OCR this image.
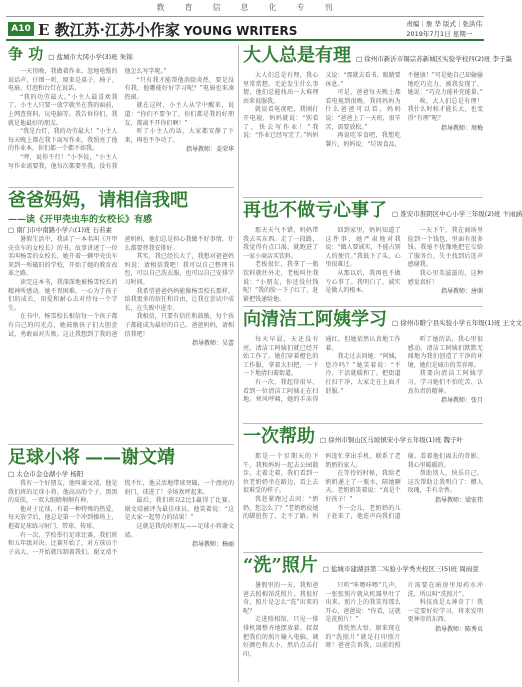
教 育 信 息 化 专 刊
A10 E 教江苏·江苏小作家 YOUNG WRITERS	责编｜詹 华 版式｜张洪伟
2019年7月1日 星期一
争 功 □ 盐城市大冈小学(3)班 朱锦

一天傍晚，我做着作业。忽地电缆的说话声，仔细一听，原来是桌子、椅子、电扇、灯泡和台灯在说话。

“我的功劳最大。”小主人最喜欢我了，小主人只要一放学就坐在我的面前，上网查资料，玩电脑等。我告诉你们，我就是他最好的朋友。

“我是台灯，我的功劳最大！”小主人每天晚上都在我下面写作业，我照亮了他的作业本，你们都一个都不如我。

“哼，说你不行！”小李说，“小主人写作业需要我，他每次都要坐我，没有我他怎么写字呢。”

“只有我才能帮他消除炎热，要是没有我，他哪能好好学习呢？”电扇也来凑热闹。

就在这时，小主人从学中醒来，说道：“你们不要争了，你们都是我的好朋友，都离不开你们啊！”

听了小主人的话，大家都安静了下来，再也不争功了。

指导教师：姜荣华
爸爸妈妈，请相信我吧
——读《开甲壳虫车的女校长》有感
□ 南门市中南路小学六(1)班 石若素

暑假生活中，我读了一本名叫《开甲壳虫车的女校长》的书。故事讲述了一位名叫杨雪的女校长，她开着一辆甲壳虫车来到一所破旧的学校，开始了她的教育改革之路。

读完这本书，我深深地被杨雪校长的精神所感动。她不畏困难，一心为了孩子们的成长，用爱和耐心去对待每一个学生。

在书中，杨雪校长相信每一个孩子都有自己的闪光点，她鼓励孩子们大胆尝试，勇敢面对失败。这让我想到了我的爸爸妈妈，他们总是担心我做不好事情，什么都要替我安排好。

其实，我已经长大了，我想对爸爸妈妈说：请相信我吧！我可以自己整理书包，可以自己洗衣服，也可以自己安排学习时间。

我希望爸爸妈妈能像杨雪校长那样，给我更多的信任和自由，让我在尝试中成长，在失败中进步。

我相信，只要有信任和鼓励，每个孩子都能成为最好的自己。爸爸妈妈，请相信我吧！

指导教师：吴蕾
足球小将 ——谢文靖
□ 太仓市金仓湖小学 杨阳

我有一个好朋友，他叫谢文靖，他是我们班的足球小将。他高高的个子，黑黑的皮肤，一双大眼睛炯炯有神。

他对于足球，有着一种特殊的热爱。每天放学后，他总是第一个冲到操场上，抱着足球练习射门、带球、传球。

有一次，学校举行足球比赛，我们班和五年级对决。比赛开始了，对方球员个子高大，一开始就压制着我们。谢文靖不慌不忙，他灵活地带球突破，一个漂亮的射门，球进了！全场欢呼起来。

最后，我们班以2比1赢得了比赛。谢文靖被评为最佳球员。他笑着说：“这是大家一起努力的结果！”

这就是我的好朋友——足球小将谢文靖。

指导教师：杨丽
大人总是有理 □ 徐州市新沂市锡宗苏新城区实验学校四(2)班 李子墨

大人们总是有理，我心里常常想。无论发生什么事情，他们总能找出一大堆理由来说服我。

就说看电视吧，我刚打开电视，妈妈就说：“别看了，快去写作业！”我说：“作业已经写完了。”妈妈又说：“那就去看书，眼睛要休息。”

可是，爸爸每天晚上都看电视到很晚，我问妈妈为什么爸爸可以看，妈妈说：“爸爸上了一天班，很辛苦，需要放松。”

再说吃零食吧，我想吃薯片，妈妈说：“垃圾食品，不健康！”可是她自己却偷偷地吃巧克力，被我发现了，她说：“巧克力能补充能量。”

唉，大人们总是有理！我什么时候才能长大，也变得“有理”呢？

指导教师：周梅
再也不做亏心事了 □ 淮安市淮阴区中心小学三年级(2)班 卞雨涵

那天天气不错，妈妈带我去买东西。走了一段路，我觉得有点口渴，就跑进了一家小商店买饮料。

老板很忙，我拿了一瓶饮料就往外走，老板叫住我说：“小朋友，你还没付钱呢！”我的脸一下子红了，赶紧把钱递给他。

回到家里，妈妈知道了这件事，她严肃地对我说：“做人要诚实，不能占别人的便宜。”我低下了头，心里很难过。

从那以后，我再也不做亏心事了。我明白了，诚实是做人的根本。

一天下午，我在商场里捡到一个钱包，里面有很多钱。我毫不犹豫地把它交给了服务台，失主找到后连声感谢我。

我心里美滋滋的，这种感觉真好！

指导教师：唐萌
向清洁工阿姨学习 □ 徐州市睢宁县实验小学五年级(1)班 王文文

每天早晨，天还没有亮，清洁工阿姨们就已经开始工作了。她们穿着橙色的工作服，拿着大扫把，一下一下地清扫着街道。

有一次，我起得很早，看到一位清洁工阿姨正在扫地。寒风呼啸，她的手冻得通红，但她依然认真地工作着。

我走过去问她：“阿姨，您冷吗？”她笑着说：“不冷，干活就暖和了。把街道打扫干净，大家走在上面才舒服。”

听了她的话，我心里很感动。清洁工阿姨们默默无闻地为我们创造了干净的环境，她们是城市的美容师。

我要向清洁工阿姨学习，学习她们不怕吃苦、认真负责的精神。

指导教师：张月
一次帮助 □ 徐州市铜山区马坡镇宋小学五年级(1)班 魏子叶

那是一个星期天的下午，我和妈妈一起去公园散步。走着走着，我们看到一位老奶奶坐在路边，看上去很难受的样子。

我赶紧跑过去问：“奶奶，您怎么了？”老奶奶说她的脚扭伤了，走不了路。妈妈连忙拿出手机，联系了老奶奶的家人。

在等待的时候，我给老奶奶递上了一瓶水，陪她聊天。老奶奶笑着说：“真是个好孩子！”

不一会儿，老奶奶的儿子赶来了，他连声向我们道谢。看着他们离去的背影，我心里暖暖的。

帮助别人，快乐自己。这次帮助让我明白了：赠人玫瑰，手有余香。

指导教师：梁宏伟
“洗”照片 □ 盐城市建湖县第二实验小学秀夫校区三(5)班 周雨萱

暑假里的一天，我和爸爸去照相馆洗照片。我很好奇，照片是怎么“洗”出来的呢？

走进照相馆，只见一排排机器整齐地摆放着。叔叔把我们的照片输入电脑，调好颜色和大小，然后点击打印。

只听“咔嚓咔嚓”几声，一张张照片就从机器里吐了出来。照片上的我笑得那么开心，爸爸说：“你看，这就是洗照片！”

我恍然大悟，原来现在的“洗照片”就是打印照片呀！爸爸告诉我，以前的照片需要在暗房里用药水冲洗，所以叫“洗照片”。

科技真是太神奇了！我一定要好好学习，将来发明更神奇的东西。

指导教师：陈秀贞
